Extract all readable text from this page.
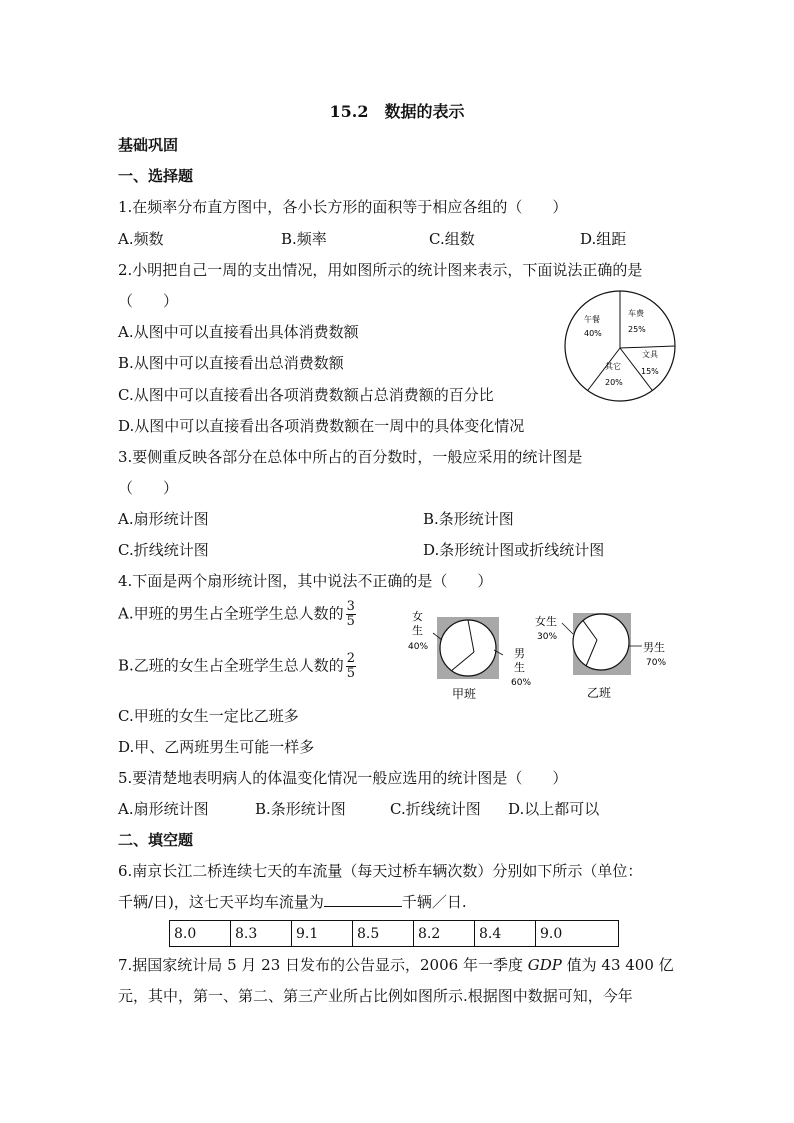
15.2　数据的表示
基础巩固
一、选择题
1.在频率分布直方图中，各小长方形的面积等于相应各组的（　　）
A.频数	B.频率	C.组数	D.组距
2.小明把自己一周的支出情况，用如图所示的统计图来表示，下面说法正确的是
（　　）
A.从图中可以直接看出具体消费数额
B.从图中可以直接看出总消费数额
C.从图中可以直接看出各项消费数额占总消费额的百分比
D.从图中可以直接看出各项消费数额在一周中的具体变化情况
午餐
40%
车费
25%
文具
15%
其它
20%
3.要侧重反映各部分在总体中所占的百分数时，一般应采用的统计图是
（　　）
A.扇形统计图	B.条形统计图
C.折线统计图	D.条形统计图或折线统计图
4.下面是两个扇形统计图，其中说法不正确的是（　　）
A.甲班的男生占全班学生总人数的 $\frac{3}{5}$
B.乙班的女生占全班学生总人数的 $\frac{2}{5}$
C.甲班的女生一定比乙班多
D.甲、乙两班男生可能一样多
女
生
40%	男
生
60%
甲班
女生
30%
男生
70%
乙班
5.要清楚地表明病人的体温变化情况一般应选用的统计图是（　　）
A.扇形统计图	B.条形统计图	C.折线统计图 D.以上都可以
二、填空题
6.南京长江二桥连续七天的车流量（每天过桥车辆次数）分别如下所示（单位：
千辆/日)，这七天平均车流量为	千辆／日.
8.0	8.3	9.1	8.5	8.2	8.4	9.0
7.据国家统计局 5 月 23 日发布的公告显示，2006 年一季度 GDP 值为 43 400 亿
元，其中，第一、第二、第三产业所占比例如图所示.根据图中数据可知，今年
